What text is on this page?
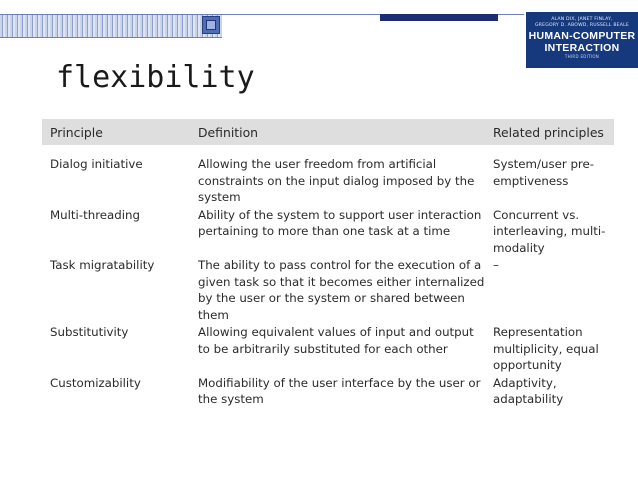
ALAN DIX, JANET FINLAY,
GREGORY D. ABOWD, RUSSELL BEALE
HUMAN-COMPUTER
INTERACTION
THIRD EDITION
flexibility
Principle	Definition	Related principles
Dialog initiative	Allowing the user freedom from artificial constraints on the input dialog imposed by the system	System/user pre-emptiveness
Multi-threading	Ability of the system to support user interaction pertaining to more than one task at a time	Concurrent vs. interleaving, multi-modality
Task migratability	The ability to pass control for the execution of a given task so that it becomes either internalized by the user or the system or shared between them	–
Substitutivity	Allowing equivalent values of input and output to be arbitrarily substituted for each other	Representation multiplicity, equal opportunity
Customizability	Modifiability of the user interface by the user or the system	Adaptivity, adaptability
